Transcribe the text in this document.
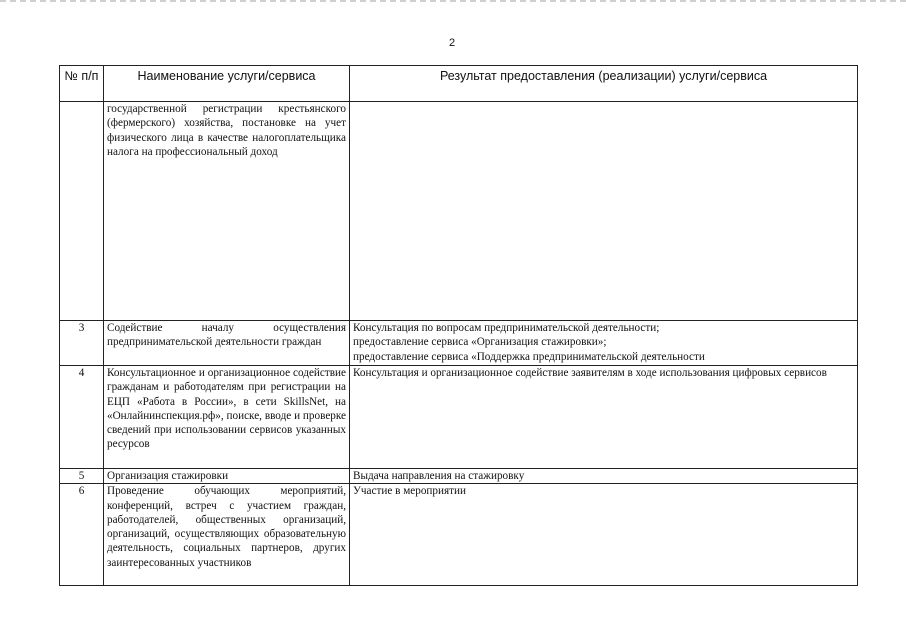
2
№ п/п	Наименование услуги/сервиса	Результат предоставления (реализации) услуги/сервиса
	государственной регистрации крестьянского (фермерского) хозяйства, постановке на учет физического лица в качестве налогоплательщика налога на профессиональный доход	
3	Содействие началу осуществления предпринимательской деятельности граждан	Консультация по вопросам предпринимательской деятельности;
предоставление сервиса «Организация стажировки»;
предоставление сервиса «Поддержка предпринимательской деятельности

4	Консультационное и организационное содействие гражданам и работодателям при регистрации на ЕЦП «Работа в России», в сети SkillsNet, на «Онлайнинспекция.рф», поиске, вводе и проверке сведений при использовании сервисов указанных ресурсов	Консультация и организационное содействие заявителям в ходе использования цифровых сервисов
5	Организация стажировки	Выдача направления на стажировку
6	Проведение обучающих мероприятий, конференций, встреч с участием граждан, работодателей, общественных организаций, организаций, осуществляющих образовательную деятельность, социальных партнеров, других заинтересованных участников	Участие в мероприятии
